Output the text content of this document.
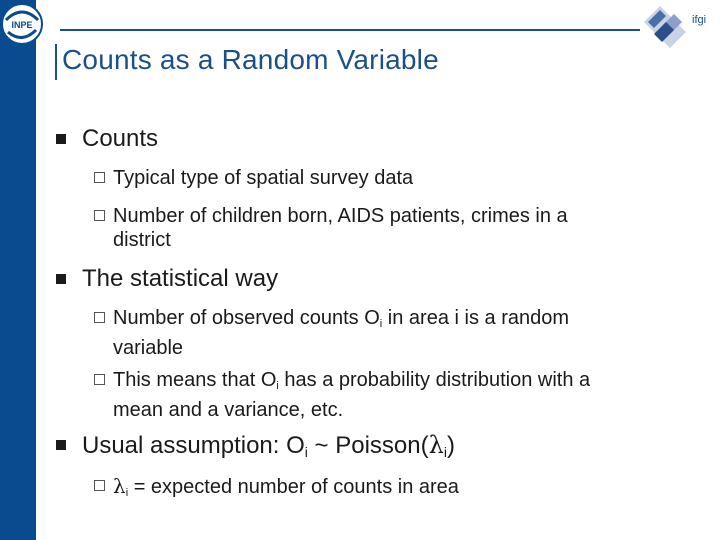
INPE	ifgi
Counts as a Random Variable
Counts
Typical type of spatial survey data
Number of children born, AIDS patients, crimes in a
district
The statistical way
Number of observed counts $O_i$ in area i is a random
variable
This means that $O_i$ has a probability distribution with a
mean and a variance, etc.
Usual assumption: $O_i$ ~ $Poisson(\lambda_i)$
$\lambda_i$ = expected number of counts in area
